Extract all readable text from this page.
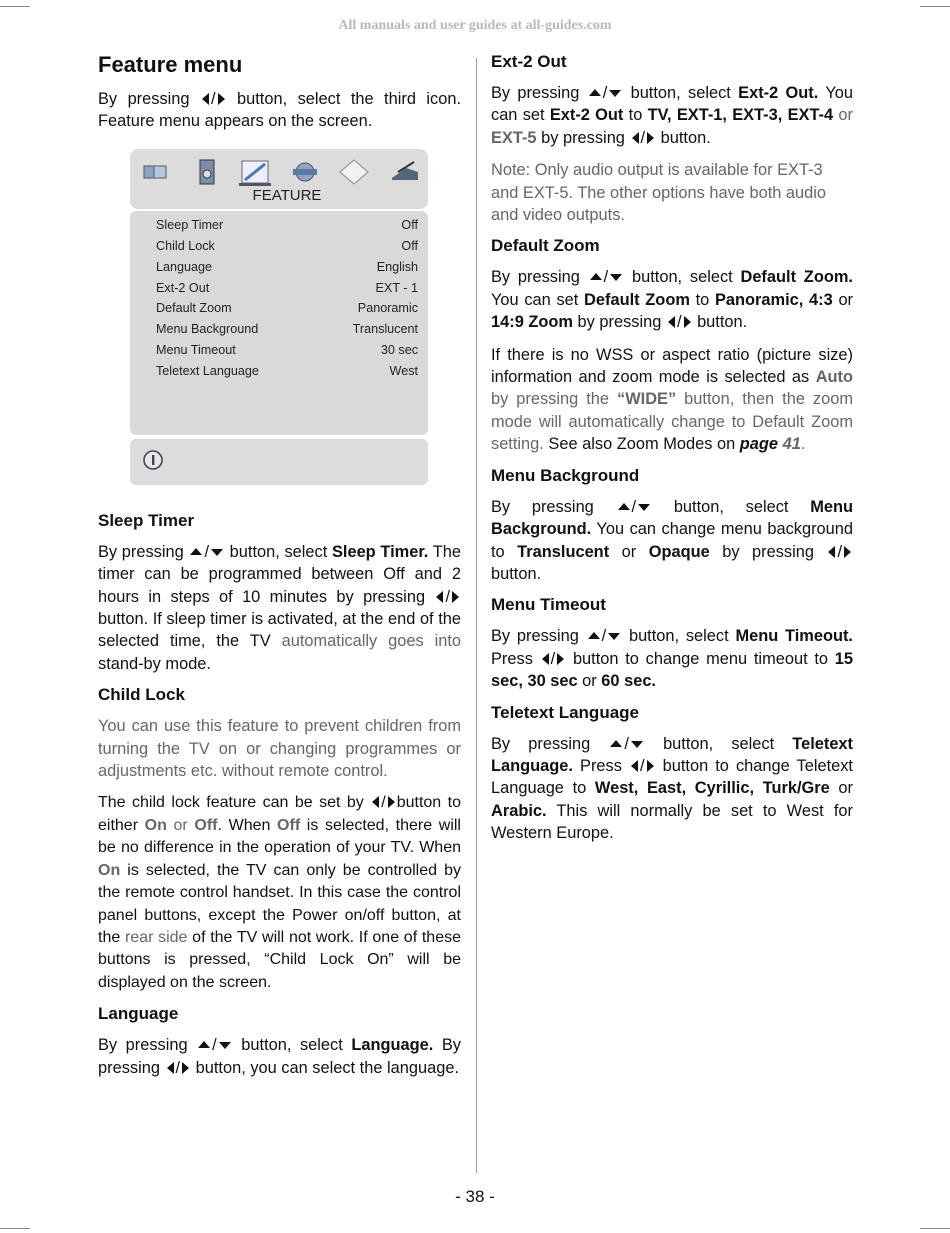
All manuals and user guides at all-guides.com
Feature menu

By pressing / button, select the third icon. Feature menu appears on the screen.

FEATURE
Sleep Timer	Off
Child Lock	Off
Language	English
Ext-2 Out	EXT - 1
Default Zoom	Panoramic
Menu Background	Translucent
Menu Timeout	30 sec
Teletext Language	West
Sleep Timer

By pressing / button, select Sleep Timer. The timer can be programmed between Off and 2 hours in steps of 10 minutes by pressing / button. If sleep timer is activated, at the end of the selected time, the TV automatically goes into stand-by mode.

Child Lock

You can use this feature to prevent children from turning the TV on or changing programmes or adjustments etc. without remote control.

The child lock feature can be set by / button to either On or Off. When Off is selected, there will be no difference in the operation of your TV. When On is selected, the TV can only be controlled by the remote control handset. In this case the control panel buttons, except the Power on/off button, at the rear side of the TV will not work. If one of these buttons is pressed, “Child Lock On” will be displayed on the screen.

Language

By pressing / button, select Language. By pressing / button, you can select the language.

Ext-2 Out

By pressing / button, select Ext-2 Out. You can set Ext-2 Out to TV, EXT-1, EXT-3, EXT-4 or EXT-5 by pressing / button.

Note: Only audio output is available for EXT-3 and EXT-5. The other options have both audio and video outputs.

Default Zoom

By pressing / button, select Default Zoom. You can set Default Zoom to Panoramic, 4:3 or 14:9 Zoom by pressing / button.

If there is no WSS or aspect ratio (picture size) information and zoom mode is selected as Auto by pressing the “WIDE” button, then the zoom mode will automatically change to Default Zoom setting. See also Zoom Modes on page 41.

Menu Background

By pressing / button, select Menu Background. You can change menu background to Translucent or Opaque by pressing / button.

Menu Timeout

By pressing / button, select Menu Timeout. Press / button to change menu timeout to 15 sec, 30 sec or 60 sec.

Teletext Language

By pressing / button, select Teletext Language. Press / button to change Teletext Language to West, East, Cyrillic, Turk/Gre or Arabic. This will normally be set to West for Western Europe.

- 38 -
